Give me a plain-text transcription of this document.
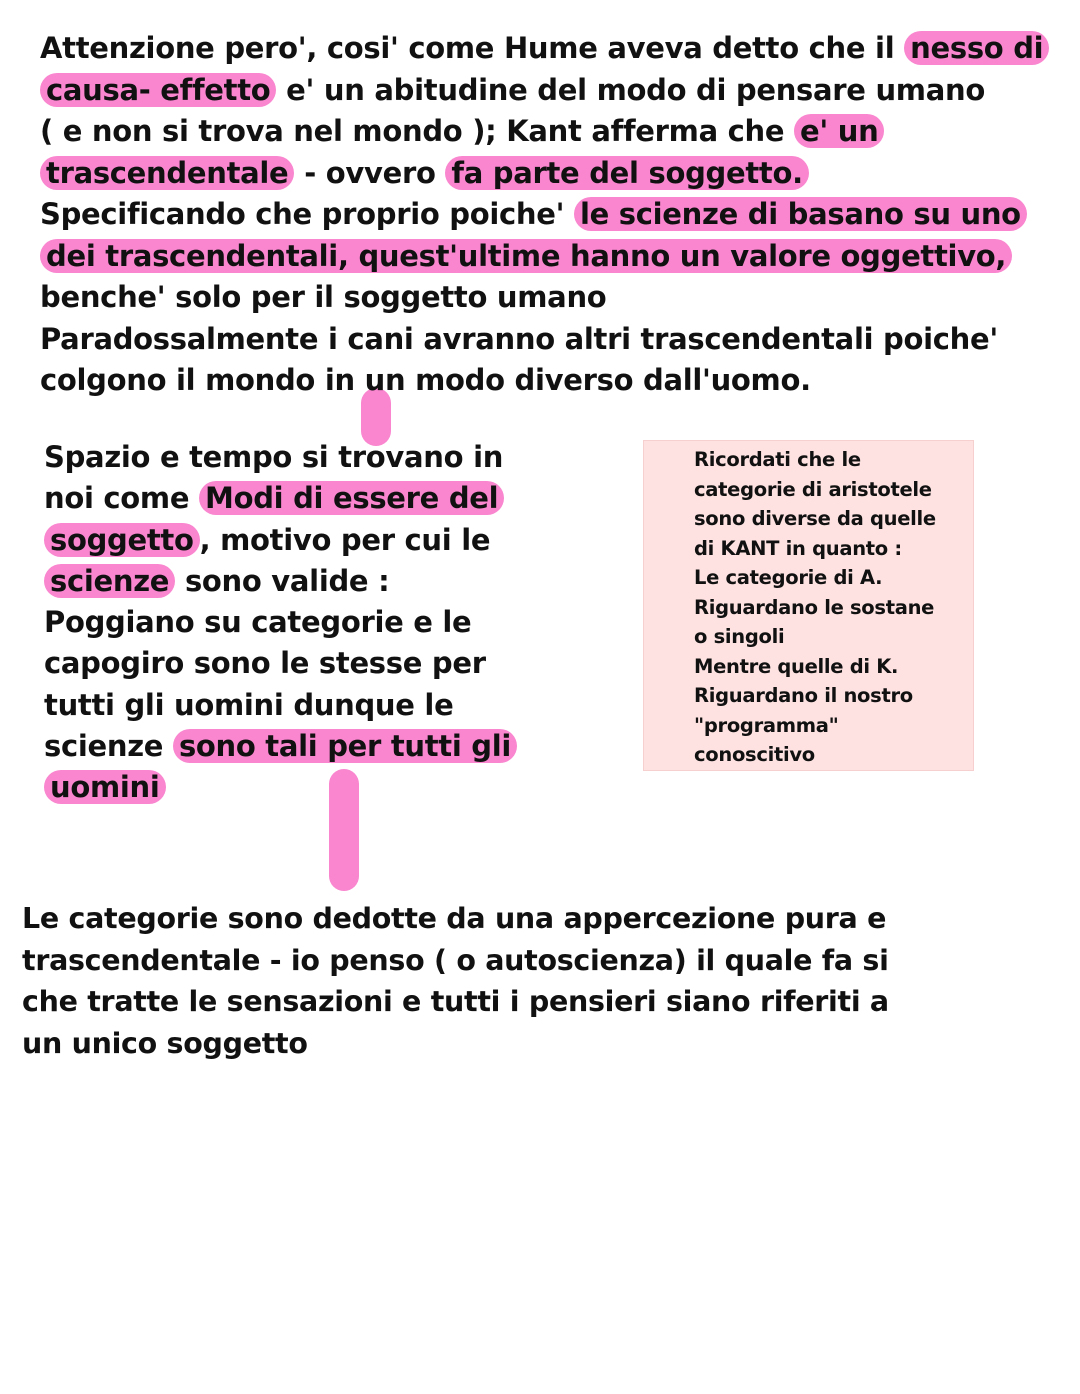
Attenzione pero', cosi' come Hume aveva detto che il nesso di
causa- effetto e' un abitudine del modo di pensare umano
( e non si trova nel mondo ); Kant afferma che e' un
trascendentale - ovvero fa parte del soggetto.
Specificando che proprio poiche' le scienze di basano su uno
dei trascendentali, quest'ultime hanno un valore oggettivo,
benche' solo per il soggetto umano
Paradossalmente i cani avranno altri trascendentali poiche'
colgono il mondo in un modo diverso dall'uomo.
Spazio e tempo si trovano in
noi come Modi di essere del
soggetto , motivo per cui le
scienze sono valide :
Poggiano su categorie e le
capogiro sono le stesse per
tutti gli uomini dunque le
scienze sono tali per tutti gli
uomini
Ricordati che le
categorie di aristotele
sono diverse da quelle
di KANT in quanto :
Le categorie di A.
Riguardano le sostane
o singoli
Mentre quelle di K.
Riguardano il nostro
"programma"
conoscitivo
Le categorie sono dedotte da una appercezione pura e
trascendentale - io penso ( o autoscienza) il quale fa si
che tratte le sensazioni e tutti i pensieri siano riferiti a
un unico soggetto
